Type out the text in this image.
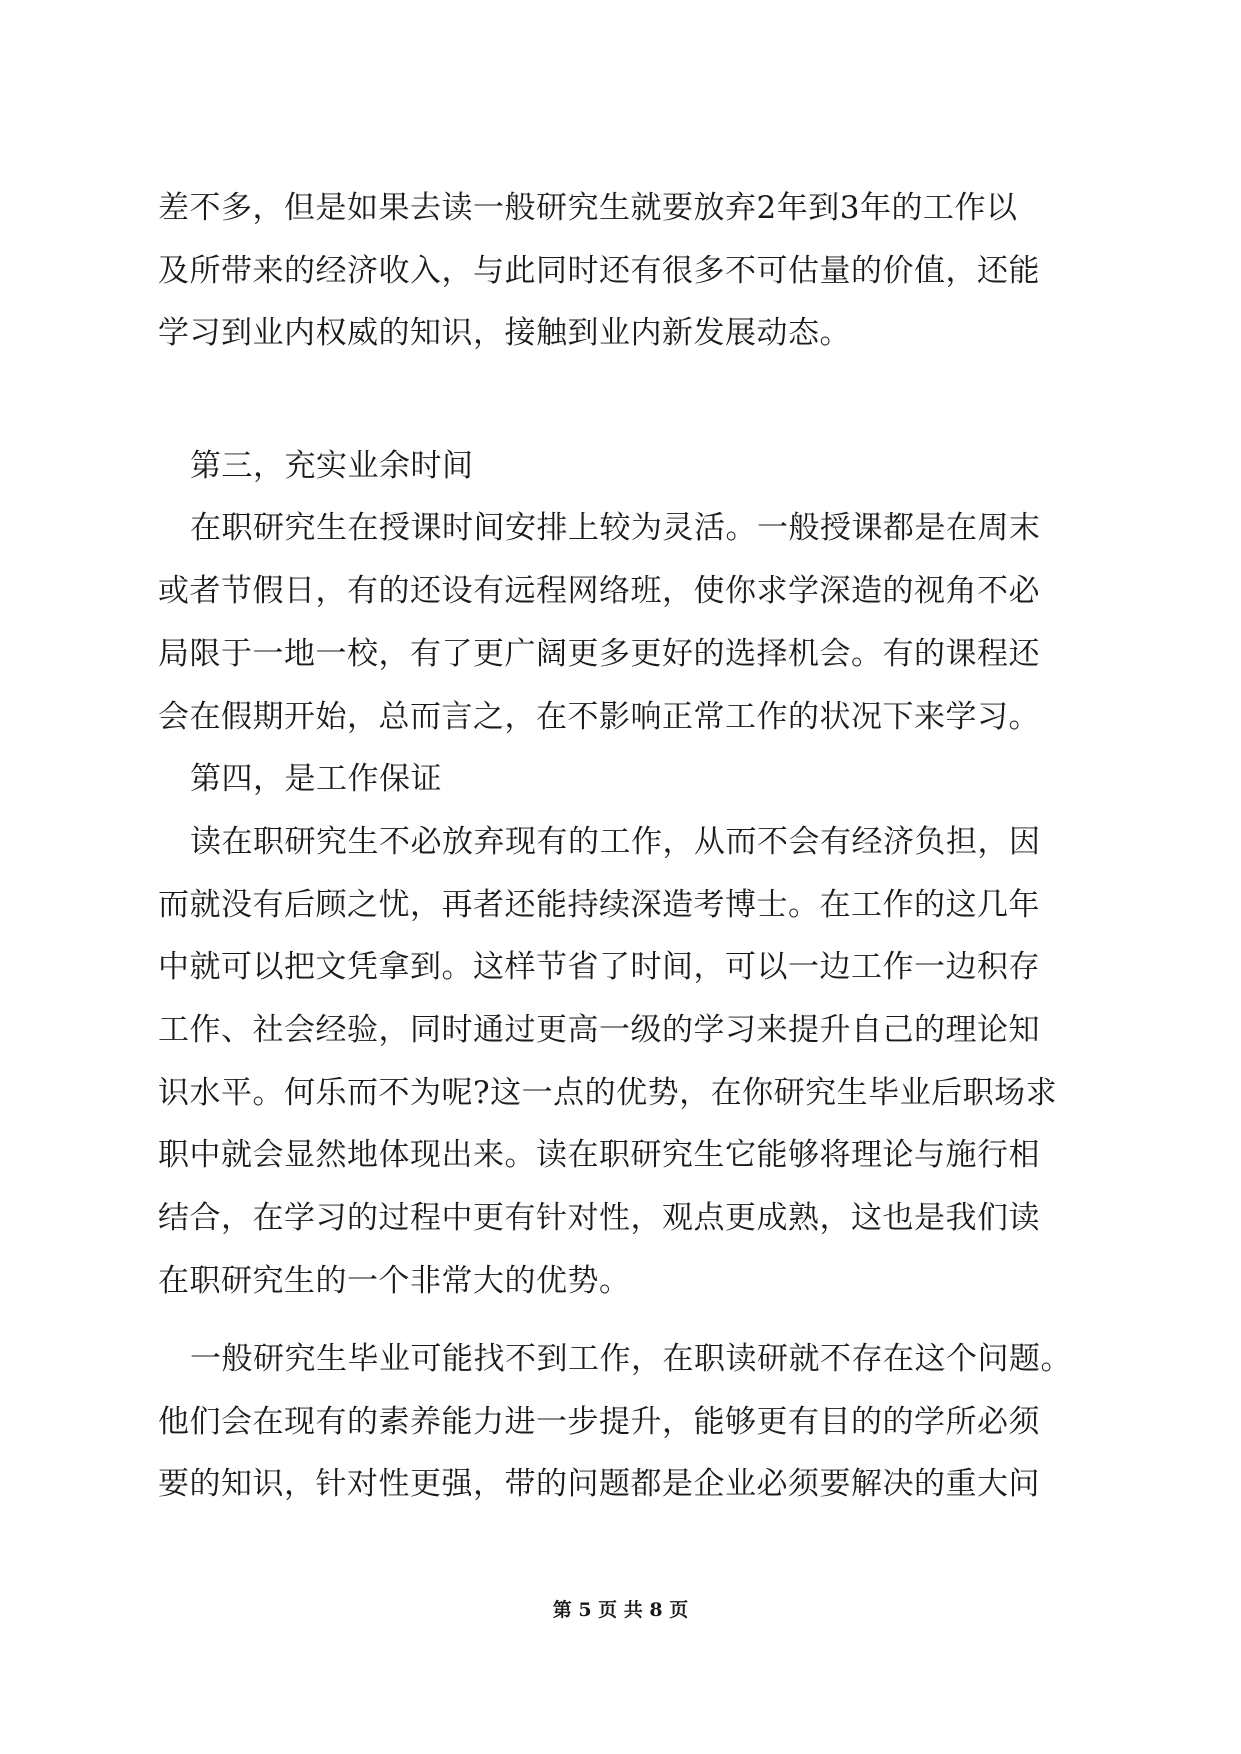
差不多，但是如果去读一般研究生就要放弃2年到3年的工作以
及所带来的经济收入，与此同时还有很多不可估量的价值，还能
学习到业内权威的知识，接触到业内新发展动态。
第三，充实业余时间
在职研究生在授课时间安排上较为灵活。一般授课都是在周末
或者节假日，有的还设有远程网络班，使你求学深造的视角不必
局限于一地一校，有了更广阔更多更好的选择机会。有的课程还
会在假期开始，总而言之，在不影响正常工作的状况下来学习。
第四，是工作保证
读在职研究生不必放弃现有的工作，从而不会有经济负担，因
而就没有后顾之忧，再者还能持续深造考博士。在工作的这几年
中就可以把文凭拿到。这样节省了时间，可以一边工作一边积存
工作、社会经验，同时通过更高一级的学习来提升自己的理论知
识水平。何乐而不为呢?这一点的优势，在你研究生毕业后职场求
职中就会显然地体现出来。读在职研究生它能够将理论与施行相
结合，在学习的过程中更有针对性，观点更成熟，这也是我们读
在职研究生的一个非常大的优势。
一般研究生毕业可能找不到工作，在职读研就不存在这个问题。
他们会在现有的素养能力进一步提升，能够更有目的的学所必须
要的知识，针对性更强，带的问题都是企业必须要解决的重大问
第 5 页 共 8 页
